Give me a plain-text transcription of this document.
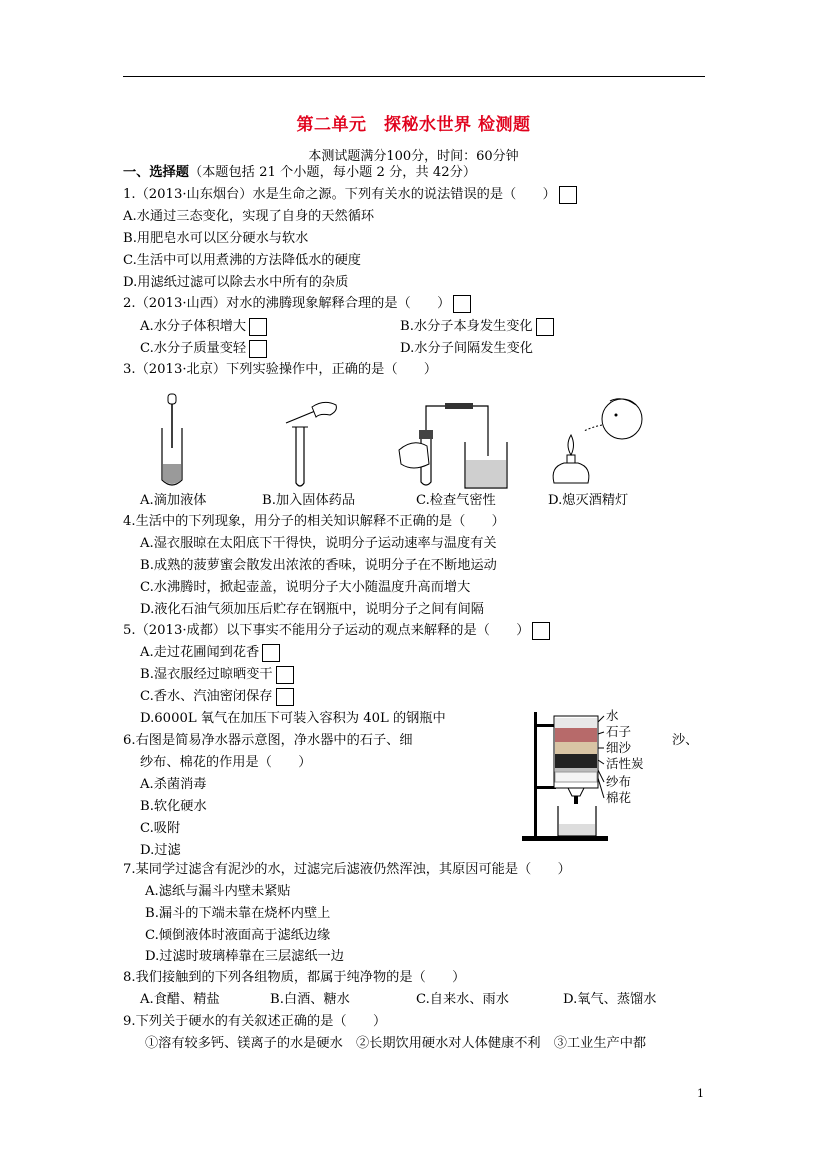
第二单元　探秘水世界 检测题
本测试题满分100分，时间：60分钟
一、选择题（本题包括 21 个小题，每小题 2 分，共 42分）
1.（2013·山东烟台）水是生命之源。下列有关水的说法错误的是（　　）
A.水通过三态变化，实现了自身的天然循环
B.用肥皂水可以区分硬水与软水
C.生活中可以用煮沸的方法降低水的硬度
D.用滤纸过滤可以除去水中所有的杂质
2.（2013·山西）对水的沸腾现象解释合理的是（　　）
A.水分子体积增大	B.水分子本身发生变化
C.水分子质量变轻	D.水分子间隔发生变化
3.（2013·北京）下列实验操作中，正确的是（　　）
A.滴加液体	B.加入固体药品	C.检查气密性	D.熄灭酒精灯
4.生活中的下列现象，用分子的相关知识解释不正确的是（　　）
A.湿衣服晾在太阳底下干得快，说明分子运动速率与温度有关
B.成熟的菠萝蜜会散发出浓浓的香味，说明分子在不断地运动
C.水沸腾时，掀起壶盖，说明分子大小随温度升高而增大
D.液化石油气须加压后贮存在钢瓶中，说明分子之间有间隔
5.（2013·成都）以下事实不能用分子运动的观点来解释的是（　　）
A.走过花圃闻到花香
B.湿衣服经过晾晒变干
C.香水、汽油密闭保存
D.6000L 氧气在加压下可装入容积为 40L 的钢瓶中
6.右图是简易净水器示意图，净水器中的石子、细	沙、
纱布、棉花的作用是（　　）
A.杀菌消毒
B.软化硬水
C.吸附
D.过滤
水
石子
细沙
活性炭
纱布
棉花
7.某同学过滤含有泥沙的水，过滤完后滤液仍然浑浊，其原因可能是（　　）
A.滤纸与漏斗内壁未紧贴
B.漏斗的下端未靠在烧杯内壁上
C.倾倒液体时液面高于滤纸边缘
D.过滤时玻璃棒靠在三层滤纸一边
8.我们接触到的下列各组物质，都属于纯净物的是（　　）
A.食醋、精盐	B.白酒、糖水	C.自来水、雨水	D.氧气、蒸馏水
9.下列关于硬水的有关叙述正确的是（　　）
①溶有较多钙、镁离子的水是硬水　②长期饮用硬水对人体健康不利　③工业生产中都
1
